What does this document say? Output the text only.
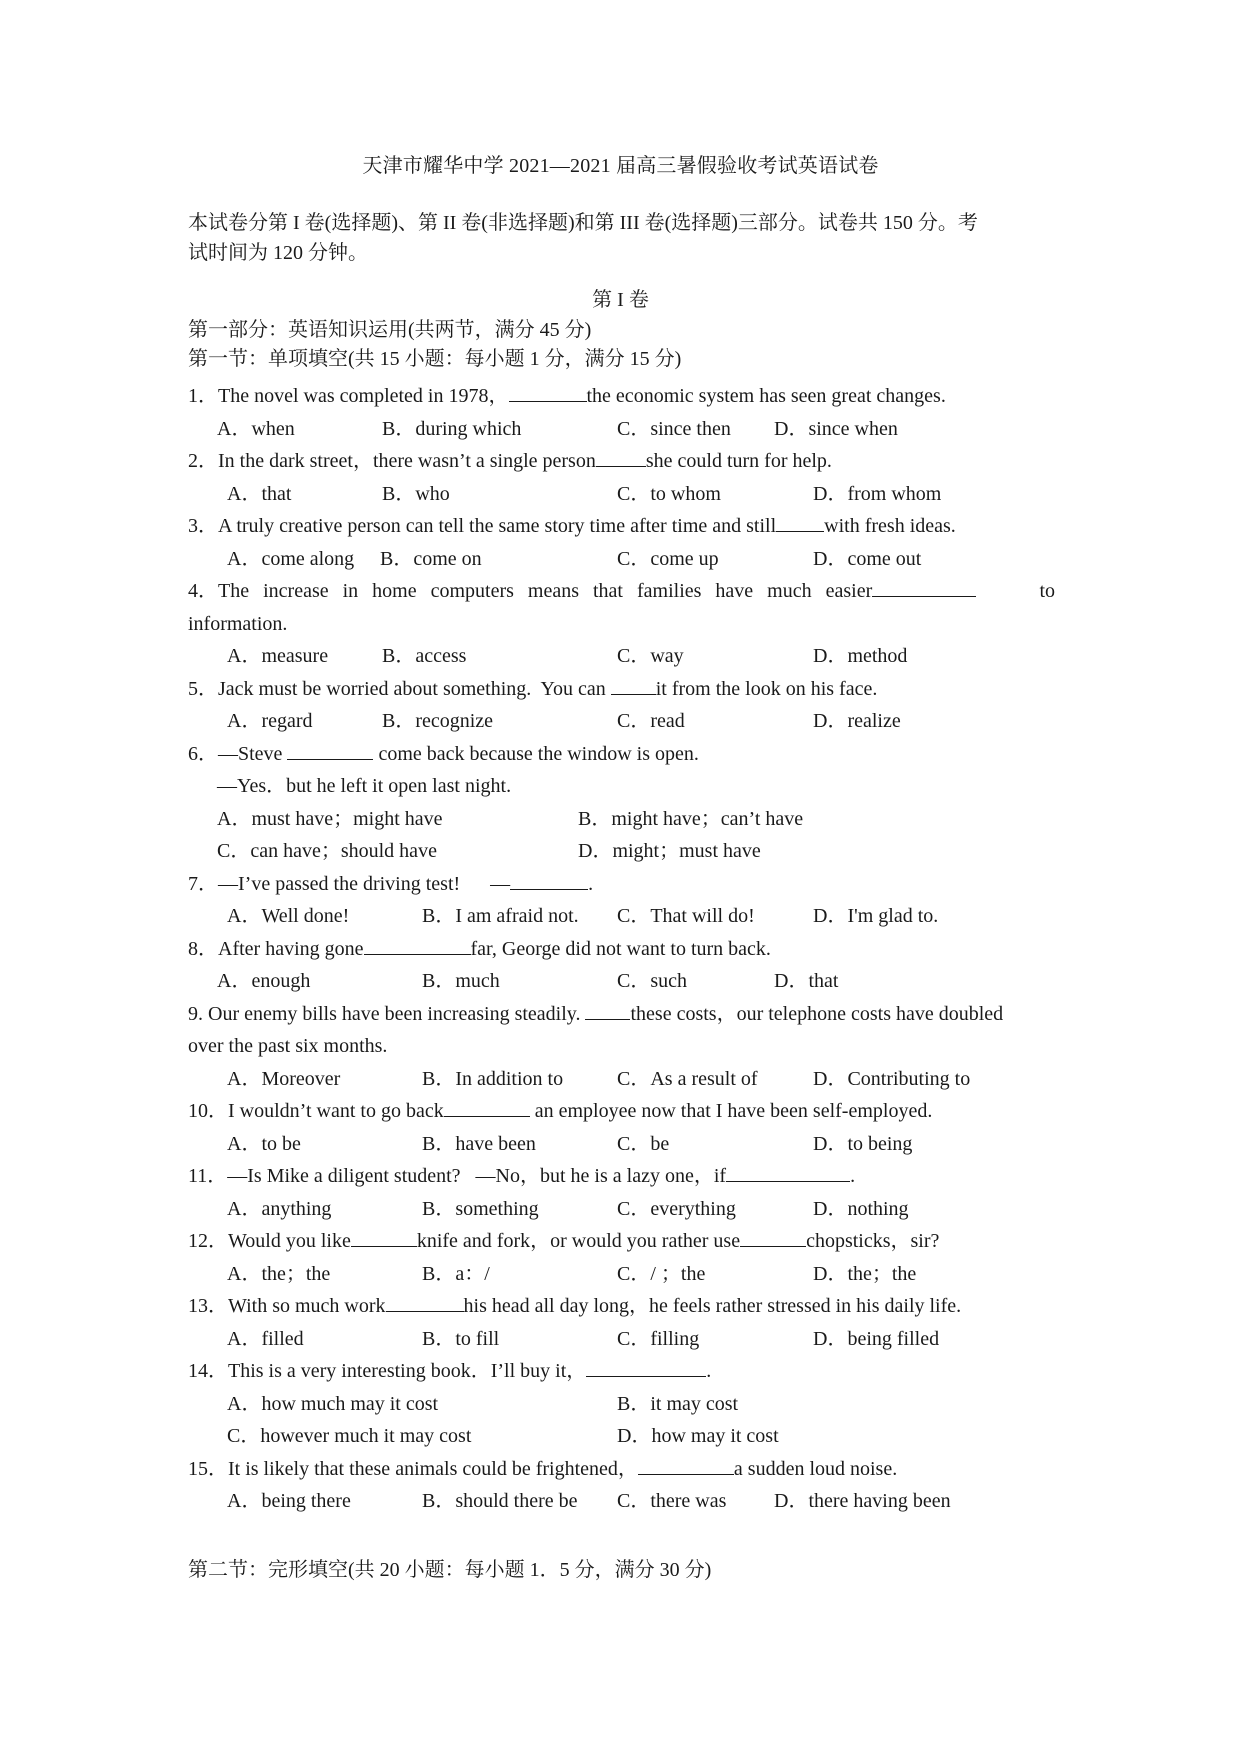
天津市耀华中学 2021—2021 届高三暑假验收考试英语试卷
本试卷分第 I 卷(选择题)、第 II 卷(非选择题)和第 III 卷(选择题)三部分。试卷共 150 分。考
试时间为 120 分钟。
第 I 卷
第一部分：英语知识运用(共两节，满分 45 分)
第一节：单项填空(共 15 小题：每小题 1 分，满分 15 分)
1．The novel was completed in 1978，	the economic system has seen great changes.
A．when	B．during which	C．since then D．since when
2．In the dark street，there wasn’t a single person	she could turn for help.
A．that	B．who	C．to whom	D．from whom
3．A truly creative person can tell the same story time after time and still with fresh ideas.
A．come along B．come on	C．come up	D．come out
4．The increase in home computers means that families have much easier	to
information.
A．measure	B．access	C．way	D．method
5．Jack must be worried about something.  You can it from the look on his face.
A．regard	B．recognize	C．read	D．realize
6．—Steve	come back because the window is open.
—Yes．but he left it open last night.
A．must have；might have	B．might have；can’t have
C．can have；should have	D．might；must have
7．—I’ve passed the driving test!      —	.
A．Well done!	B．I am afraid not. C．That will do!	D．I'm glad to.
8．After having gone	far, George did not want to turn back.
A．enough	B．much	C．such	D．that
9. Our enemy bills have been increasing steadily. these costs，our telephone costs have doubled
over the past six months.
A．Moreover	B．In addition to	C．As a result of	D．Contributing to
10．I wouldn’t want to go back	an employee now that I have been self-employed.
A．to be	B．have been	C．be	D．to being
11．—Is Mike a diligent student?   —No，but he is a lazy one，if	.
A．anything	B．something	C．everything	D．nothing
12．Would you like	knife and fork，or would you rather use	chopsticks，sir?
A．the；the	B．a：/	C．/ ；the	D．the；the
13．With so much work	his head all day long，he feels rather stressed in his daily life.
A．filled	B．to fill	C．filling	D．being filled
14．This is a very interesting book．I’ll buy it，	.
A．how much may it cost	B．it may cost
C．however much it may cost	D．how may it cost
15．It is likely that these animals could be frightened，	a sudden loud noise.
A．being there	B．should there be C．there was D．there having been
第二节：完形填空(共 20 小题：每小题 1．5 分，满分 30 分)
